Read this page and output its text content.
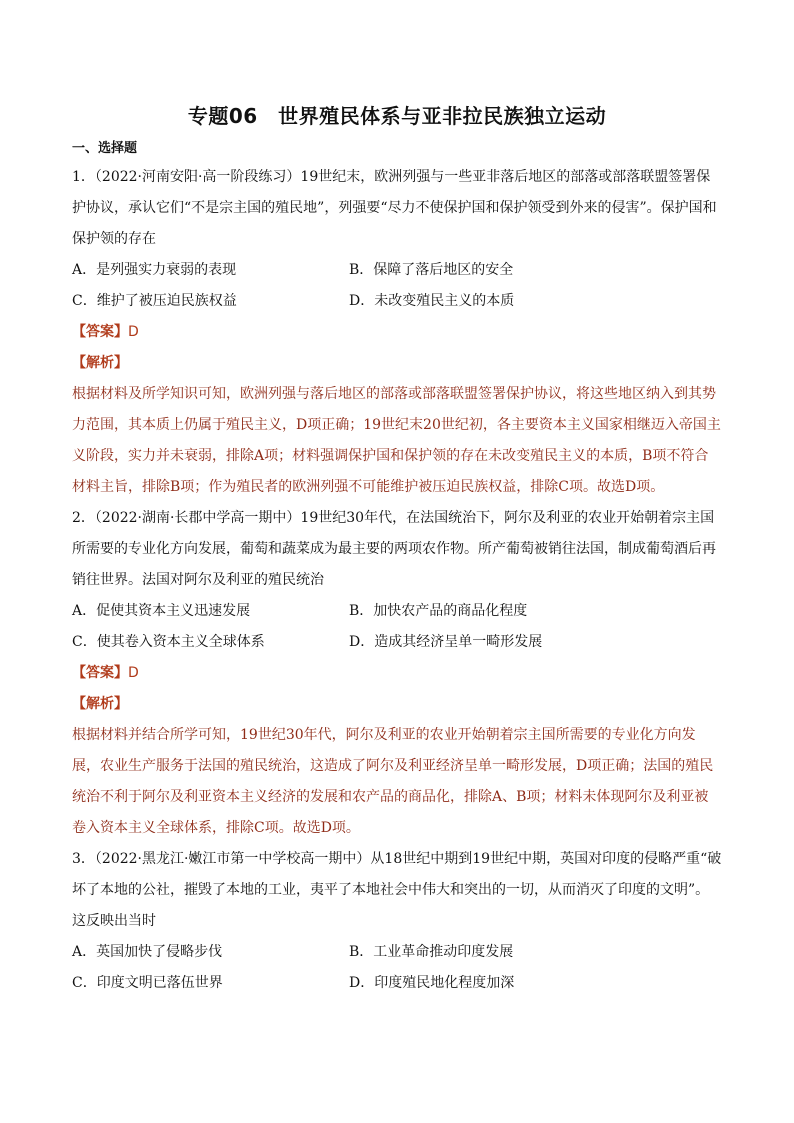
专题06　世界殖民体系与亚非拉民族独立运动
一、选择题

1．（2022·河南安阳·高一阶段练习）19世纪末，欧洲列强与一些亚非落后地区的部落或部落联盟签署保护协议，承认它们“不是宗主国的殖民地”，列强要“尽力不使保护国和保护领受到外来的侵害”。保护国和保护领的存在

A．是列强实力衰弱的表现	B．保障了落后地区的安全
C．维护了被压迫民族权益	D．未改变殖民主义的本质
【答案】D
【解析】

根据材料及所学知识可知，欧洲列强与落后地区的部落或部落联盟签署保护协议，将这些地区纳入到其势力范围，其本质上仍属于殖民主义，D项正确；19世纪末20世纪初，各主要资本主义国家相继迈入帝国主义阶段，实力并未衰弱，排除A项；材料强调保护国和保护领的存在未改变殖民主义的本质，B项不符合材料主旨，排除B项；作为殖民者的欧洲列强不可能维护被压迫民族权益，排除C项。故选D项。

2．（2022·湖南·长郡中学高一期中）19世纪30年代，在法国统治下，阿尔及利亚的农业开始朝着宗主国所需要的专业化方向发展，葡萄和蔬菜成为最主要的两项农作物。所产葡萄被销往法国，制成葡萄酒后再销往世界。法国对阿尔及利亚的殖民统治

A．促使其资本主义迅速发展	B．加快农产品的商品化程度
C．使其卷入资本主义全球体系	D．造成其经济呈单一畸形发展
【答案】D
【解析】

根据材料并结合所学可知，19世纪30年代，阿尔及利亚的农业开始朝着宗主国所需要的专业化方向发展，农业生产服务于法国的殖民统治，这造成了阿尔及利亚经济呈单一畸形发展，D项正确；法国的殖民统治不利于阿尔及利亚资本主义经济的发展和农产品的商品化，排除A、B项；材料未体现阿尔及利亚被卷入资本主义全球体系，排除C项。故选D项。

3．（2022·黑龙江·嫩江市第一中学校高一期中）从18世纪中期到19世纪中期，英国对印度的侵略严重“破坏了本地的公社，摧毁了本地的工业，夷平了本地社会中伟大和突出的一切，从而消灭了印度的文明”。这反映出当时

A．英国加快了侵略步伐	B．工业革命推动印度发展
C．印度文明已落伍世界	D．印度殖民地化程度加深
